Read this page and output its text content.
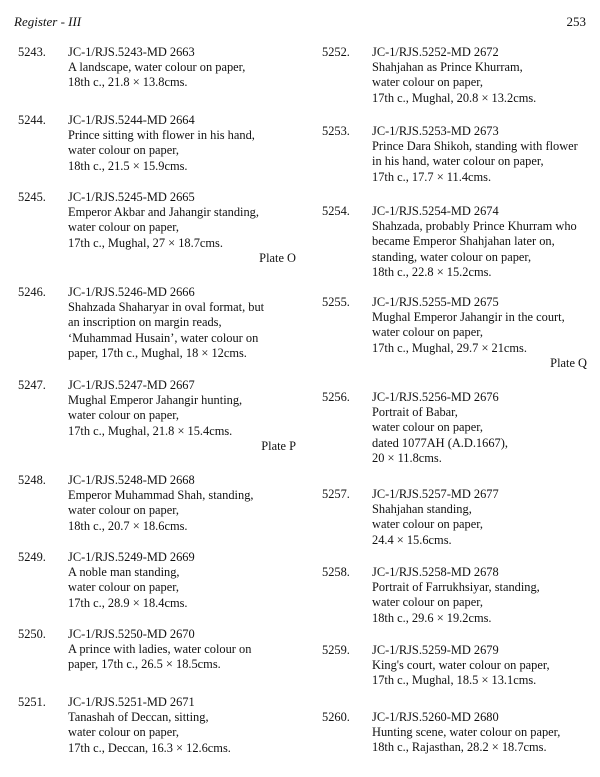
Register - III	253
5243. JC-1/RJS.5243-MD 2663
A landscape, water colour on paper,
18th c., 21.8 × 13.8cms.
5244. JC-1/RJS.5244-MD 2664
Prince sitting with flower in his hand,
water colour on paper,
18th c., 21.5 × 15.9cms.
5245. JC-1/RJS.5245-MD 2665
Emperor Akbar and Jahangir standing,
water colour on paper,
17th c., Mughal, 27 × 18.7cms.
Plate O
5246. JC-1/RJS.5246-MD 2666
Shahzada Shaharyar in oval format, but
an inscription on margin reads,
‘Muhammad Husain’, water colour on
paper, 17th c., Mughal, 18 × 12cms.
5247. JC-1/RJS.5247-MD 2667
Mughal Emperor Jahangir hunting,
water colour on paper,
17th c., Mughal, 21.8 × 15.4cms.
Plate P
5248. JC-1/RJS.5248-MD 2668
Emperor Muhammad Shah, standing,
water colour on paper,
18th c., 20.7 × 18.6cms.
5249. JC-1/RJS.5249-MD 2669
A noble man standing,
water colour on paper,
17th c., 28.9 × 18.4cms.
5250. JC-1/RJS.5250-MD 2670
A prince with ladies, water colour on
paper, 17th c., 26.5 × 18.5cms.
5251. JC-1/RJS.5251-MD 2671
Tanashah of Deccan, sitting,
water colour on paper,
17th c., Deccan, 16.3 × 12.6cms.
5252. JC-1/RJS.5252-MD 2672
Shahjahan as Prince Khurram,
water colour on paper,
17th c., Mughal, 20.8 × 13.2cms.
5253. JC-1/RJS.5253-MD 2673
Prince Dara Shikoh, standing with flower
in his hand, water colour on paper,
17th c., 17.7 × 11.4cms.
5254. JC-1/RJS.5254-MD 2674
Shahzada, probably Prince Khurram who
became Emperor Shahjahan later on,
standing, water colour on paper,
18th c., 22.8 × 15.2cms.
5255. JC-1/RJS.5255-MD 2675
Mughal Emperor Jahangir in the court,
water colour on paper,
17th c., Mughal, 29.7 × 21cms.
Plate Q
5256. JC-1/RJS.5256-MD 2676
Portrait of Babar,
water colour on paper,
dated 1077AH (A.D.1667),
20 × 11.8cms.
5257. JC-1/RJS.5257-MD 2677
Shahjahan standing,
water colour on paper,
24.4 × 15.6cms.
5258. JC-1/RJS.5258-MD 2678
Portrait of Farrukhsiyar, standing,
water colour on paper,
18th c., 29.6 × 19.2cms.
5259. JC-1/RJS.5259-MD 2679
King's court, water colour on paper,
17th c., Mughal, 18.5 × 13.1cms.
5260. JC-1/RJS.5260-MD 2680
Hunting scene, water colour on paper,
18th c., Rajasthan, 28.2 × 18.7cms.
